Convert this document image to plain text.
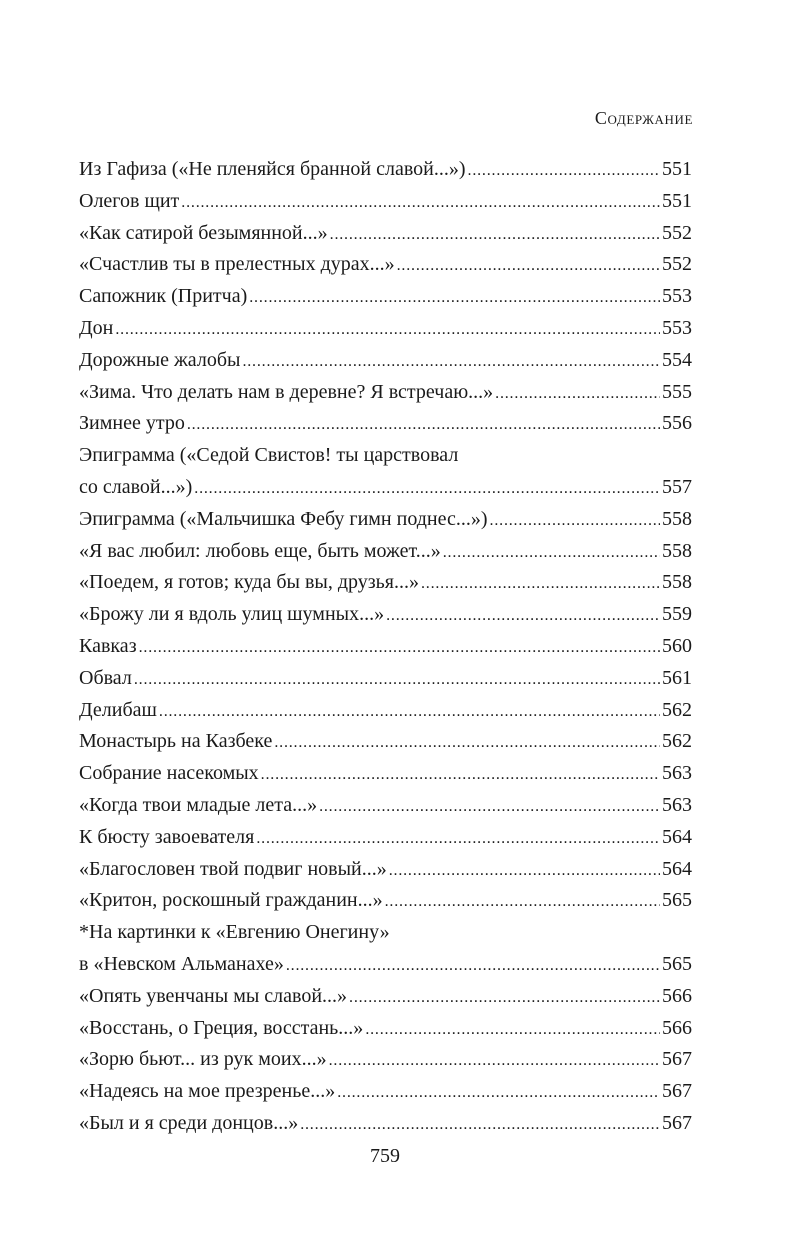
Содержание
Из Гафиза («Не пленяйся бранной славой...») . . .	551
Олегов щит . . .	551
«Как сатирой безымянной...» . . .	552
«Счастлив ты в прелестных дурах...» . . .	552
Сапожник (Притча) . . .	553
Дон . . .	553
Дорожные жалобы . . .	554
«Зима. Что делать нам в деревне? Я встречаю...» . . .	555
Зимнее утро . . .	556
Эпиграмма («Седой Свистов! ты царствовал
со славой...») . . .	557
Эпиграмма («Мальчишка Фебу гимн поднес...») . . .	558
«Я вас любил: любовь еще, быть может...» . . .	558
«Поедем, я готов; куда бы вы, друзья...» . . .	558
«Брожу ли я вдоль улиц шумных...» . . .	559
Кавказ . . .	560
Обвал . . .	561
Делибаш . . .	562
Монастырь на Казбеке . . .	562
Собрание насекомых . . .	563
«Когда твои младые лета...» . . .	563
К бюсту завоевателя . . .	564
«Благословен твой подвиг новый...» . . .	564
«Критон, роскошный гражданин...» . . .	565
*На картинки к «Евгению Онегину»
в «Невском Альманахе» . . .	565
«Опять увенчаны мы славой...» . . .	566
«Восстань, о Греция, восстань...» . . .	566
«Зорю бьют... из рук моих...» . . .	567
«Надеясь на мое презренье...» . . .	567
«Был и я среди донцов...» . . .	567
759
